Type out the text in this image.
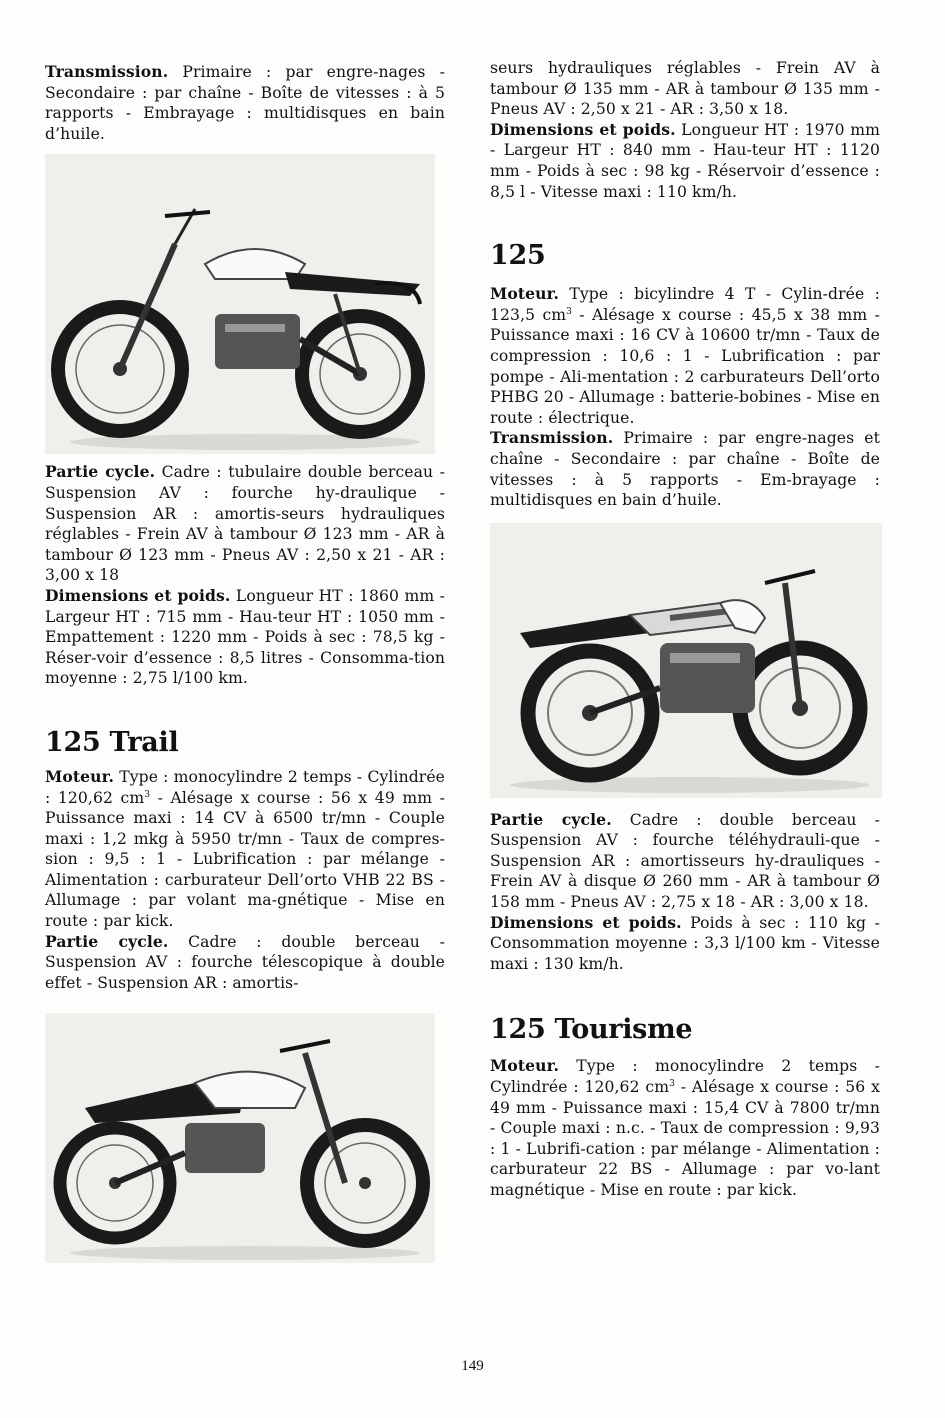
Transmission. Primaire : par engre-nages - Secondaire : par chaîne - Boîte de vitesses : à 5 rapports - Embrayage : multidisques en bain d’huile.

Partie cycle. Cadre : tubulaire double berceau - Suspension AV : fourche hy-draulique - Suspension AR : amortis-seurs hydrauliques réglables - Frein AV à tambour Ø 123 mm - AR à tambour Ø 123 mm - Pneus AV : 2,50 x 21 - AR : 3,00 x 18

Dimensions et poids. Longueur HT : 1860 mm - Largeur HT : 715 mm - Hau-teur HT : 1050 mm - Empattement : 1220 mm - Poids à sec : 78,5 kg - Réser-voir d’essence : 8,5 litres - Consomma-tion moyenne : 2,75 l/100 km.

125 Trail

Moteur. Type : monocylindre 2 temps - Cylindrée : 120,62 $cm^3$ - Alésage x course : 56 x 49 mm - Puissance maxi : 14 CV à 6500 tr/mn - Couple maxi : 1,2 mkg à 5950 tr/mn - Taux de compres-sion : 9,5 : 1 - Lubrification : par mélange - Alimentation : carburateur Dell’orto VHB 22 BS - Allumage : par volant ma-gnétique - Mise en route : par kick.

Partie cycle. Cadre : double berceau - Suspension AV : fourche télescopique à double effet - Suspension AR : amortis-

seurs hydrauliques réglables - Frein AV à tambour Ø 135 mm - AR à tambour Ø 135 mm - Pneus AV : 2,50 x 21 - AR : 3,50 x 18.

Dimensions et poids. Longueur HT : 1970 mm - Largeur HT : 840 mm - Hau-teur HT : 1120 mm - Poids à sec : 98 kg - Réservoir d’essence : 8,5 l - Vitesse maxi : 110 km/h.

125

Moteur. Type : bicylindre 4 T - Cylin-drée : 123,5 $cm^3$ - Alésage x course : 45,5 x 38 mm - Puissance maxi : 16 CV à 10600 tr/mn - Taux de compression : 10,6 : 1 - Lubrification : par pompe - Ali-mentation : 2 carburateurs Dell’orto PHBG 20 - Allumage : batterie-bobines - Mise en route : électrique.

Transmission. Primaire : par engre-nages et chaîne - Secondaire : par chaîne - Boîte de vitesses : à 5 rapports - Em-brayage : multidisques en bain d’huile.

Partie cycle. Cadre : double berceau - Suspension AV : fourche téléhydrauli-que - Suspension AR : amortisseurs hy-drauliques - Frein AV à disque Ø 260 mm - AR à tambour Ø 158 mm - Pneus AV : 2,75 x 18 - AR : 3,00 x 18.

Dimensions et poids. Poids à sec : 110 kg - Consommation moyenne : 3,3 l/100 km - Vitesse maxi : 130 km/h.

125 Tourisme

Moteur. Type : monocylindre 2 temps - Cylindrée : 120,62 $cm^3$ - Alésage x course : 56 x 49 mm - Puissance maxi : 15,4 CV à 7800 tr/mn - Couple maxi : n.c. - Taux de compression : 9,93 : 1 - Lubrifi-cation : par mélange - Alimentation : carburateur 22 BS - Allumage : par vo-lant magnétique - Mise en route : par kick.

149
